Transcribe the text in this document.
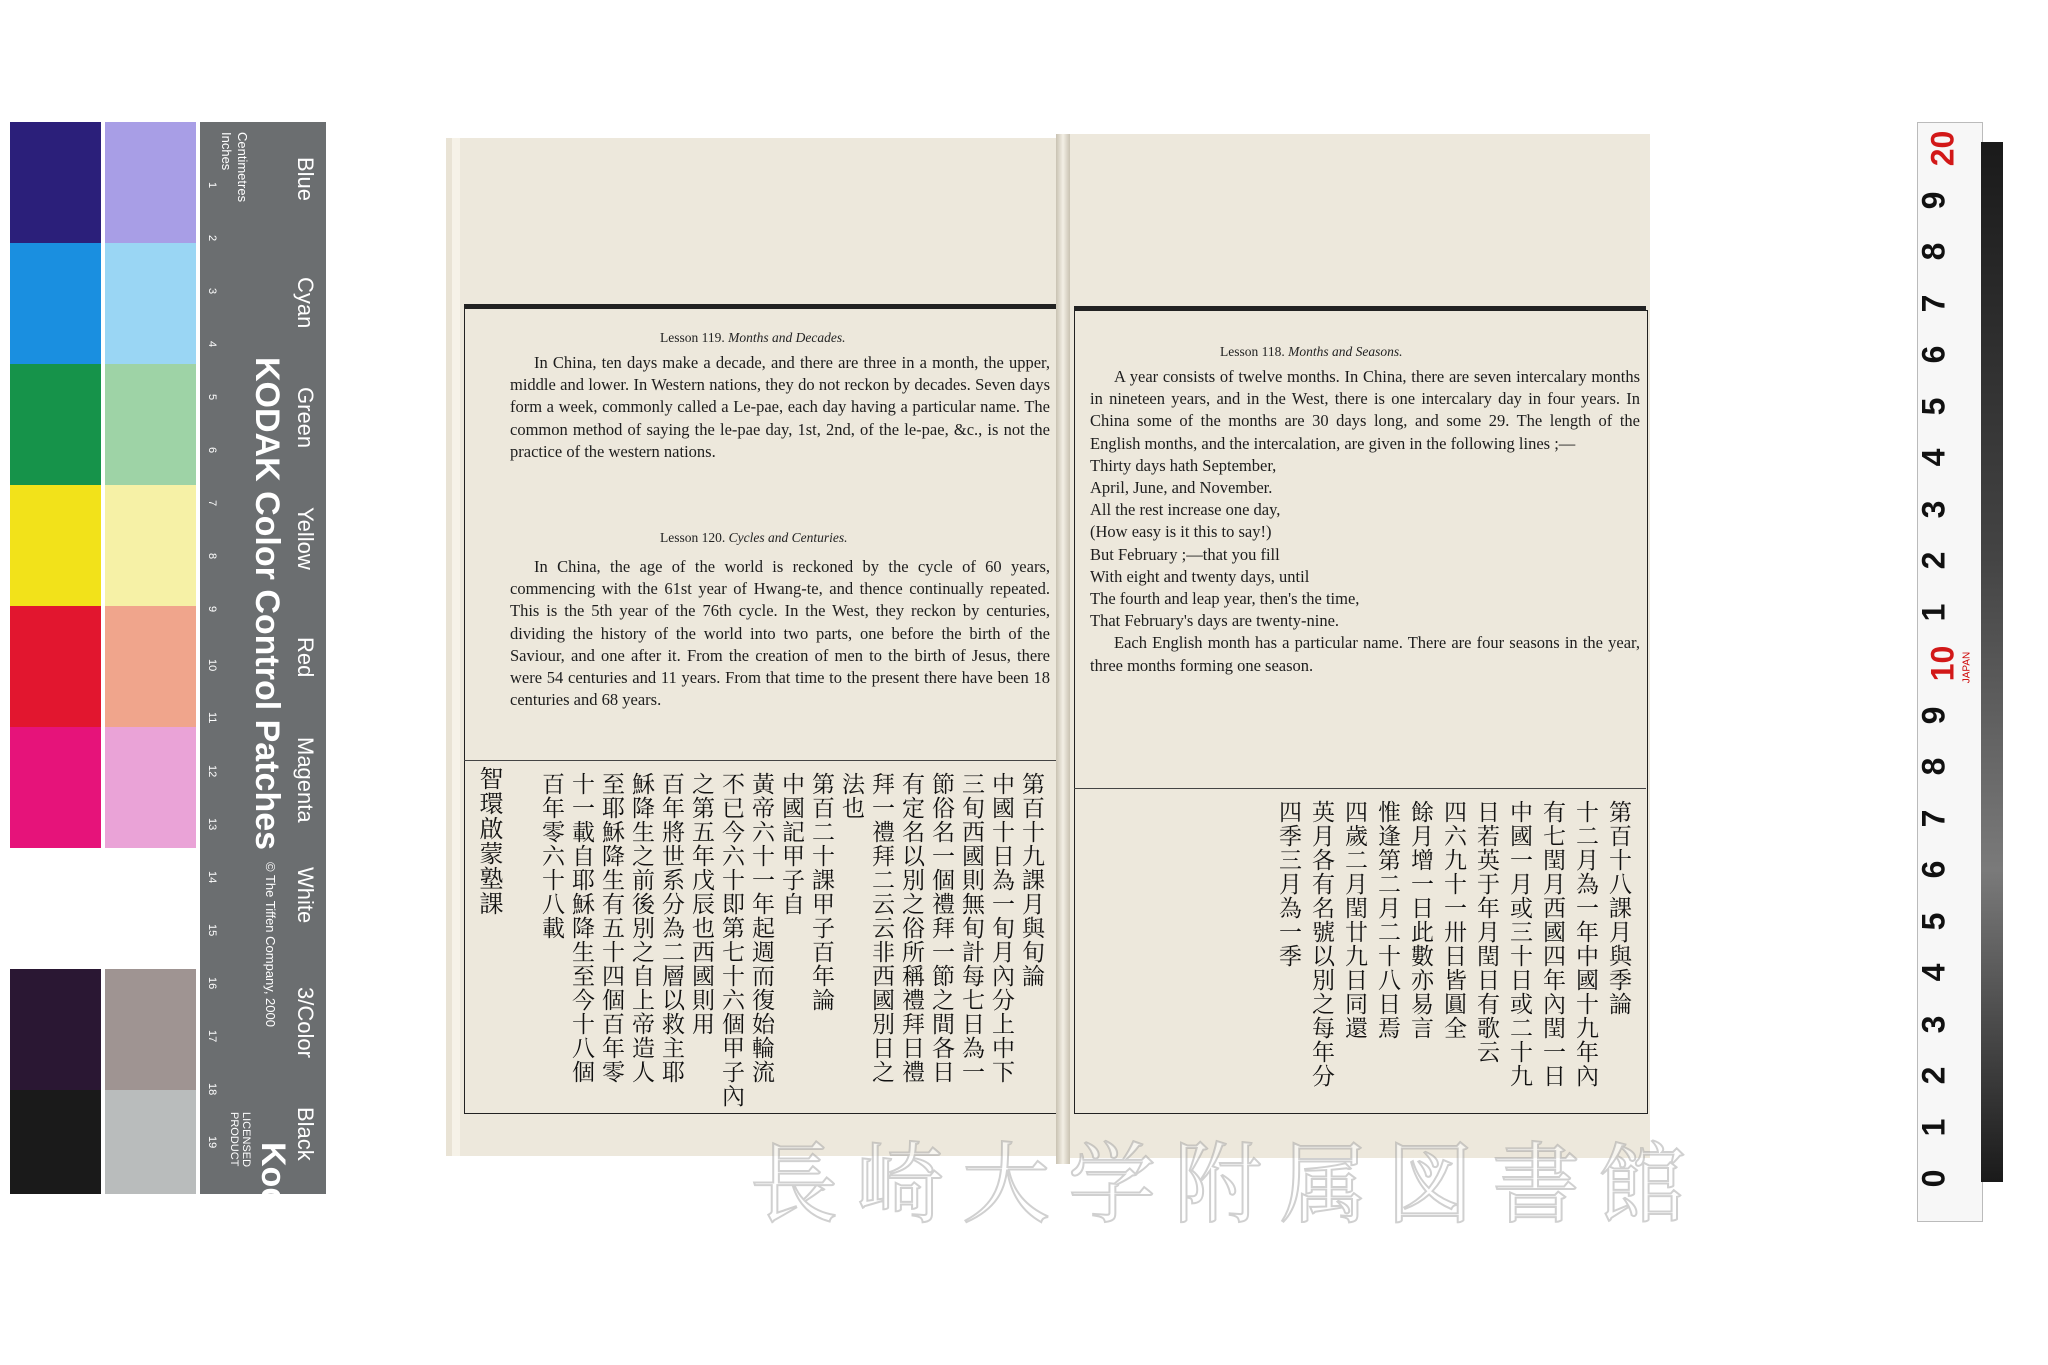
Blue
Cyan
Green
Yellow
Red
Magenta
White
3/Color
Black
KODAK Color Control Patches
© The Tiffen Company, 2000
Kodak
LICENSED PRODUCT
Inches Centimetres
1
2
3
4
5
6
7
8
9
10
11
12
13
14
15
16
17
18
19
20
9
8
7
6
5
4
3
2
1
10
9
8
7
6
5
4
3
2
1
0
JAPAN
Lesson 119. Months and Decades.

In China, ten days make a decade, and there are three in a month, the upper, middle and lower. In Western nations, they do not reckon by decades. Seven days form a week, commonly called a Le-pae, each day having a particular name. The common method of saying the le-pae day, 1st, 2nd, of the le-pae, &c., is not the practice of the western nations.

Lesson 120. Cycles and Centuries.

In China, the age of the world is reckoned by the cycle of 60 years, commencing with the 61st year of Hwang-te, and thence continually repeated. This is the 5th year of the 76th cycle. In the West, they reckon by centuries, dividing the history of the world into two parts, one before the birth of the Saviour, and one after it. From the creation of men to the birth of Jesus, there were 54 centuries and 11 years. From that time to the present there have been 18 centuries and 68 years.

第百十九課月與旬論
中國十日為一旬月內分上中下
三旬西國則無旬計每七日為一
節俗名一個禮拜一節之間各日
有定名以別之俗所稱禮拜日禮
拜一禮拜二云云非西國別日之
法也
第百二十課甲子百年論
中國記甲子自
黃帝六十一年起週而復始輪流
不已今六十即第七十六個甲子內
之第五年戊辰也西國則用
百年將世系分為二層以救主耶
穌降生之前後別之自上帝造人
至耶穌降生有五十四個百年零
十一載自耶穌降生至今十八個
百年零六十八載
智環啟蒙塾課
Lesson 118. Months and Seasons.

A year consists of twelve months. In China, there are seven intercalary months in nineteen years, and in the West, there is one intercalary day in four years. In China some of the months are 30 days long, and some 29. The length of the English months, and the intercalation, are given in the following lines ;—

Thirty days hath September,

April, June, and November.

All the rest increase one day,

(How easy is it this to say!)

But February ;—that you fill

With eight and twenty days, until

The fourth and leap year, then's the time,

That February's days are twenty-nine.

Each English month has a particular name. There are four seasons in the year, three months forming one season.

第百十八課月與季論
十二月為一年中國十九年內
有七閏月西國四年內閏一日
中國一月或三十日或二十九
日若英于年月閏日有歌云
四六九十一卅日皆圓全
餘月增一日此數亦易言
惟逢第二月二十八日焉
四歲二月閏廿九日同還
英月各有名號以別之每年分
四季三月為一季
長崎大学附属図書館
